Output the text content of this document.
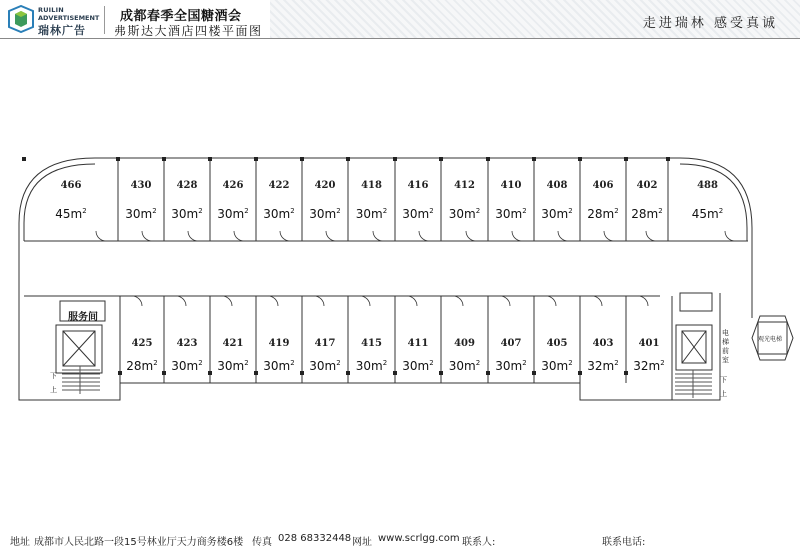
RUILIN
ADVERTISEMENT
瑞林广告
成都春季全国糖酒会
弗斯达大酒店四楼平面图	走进瑞林 感受真诚
466
$45m^2$
430
$30m^2$
428
$30m^2$
426
$30m^2$
422
$30m^2$
420
$30m^2$
418
$30m^2$
416
$30m^2$
412
$30m^2$
410
$30m^2$
408
$30m^2$
406
$28m^2$
402
$28m^2$
488
$45m^2$
425
$28m^2$
423
$30m^2$
421
$30m^2$
419
$30m^2$
417
$30m^2$
415
$30m^2$
411
$30m^2$
409
$30m^2$
407
$30m^2$
405
$30m^2$
403
$32m^2$
401
$32m^2$
服务间
下
上
下
上
电
梯
前
室
观光电梯
地址 成都市人民北路一段15号林业厅天力商务楼6楼 传真 028 68332448 网址 www.scrlgg.com 联系人:	联系电话:
